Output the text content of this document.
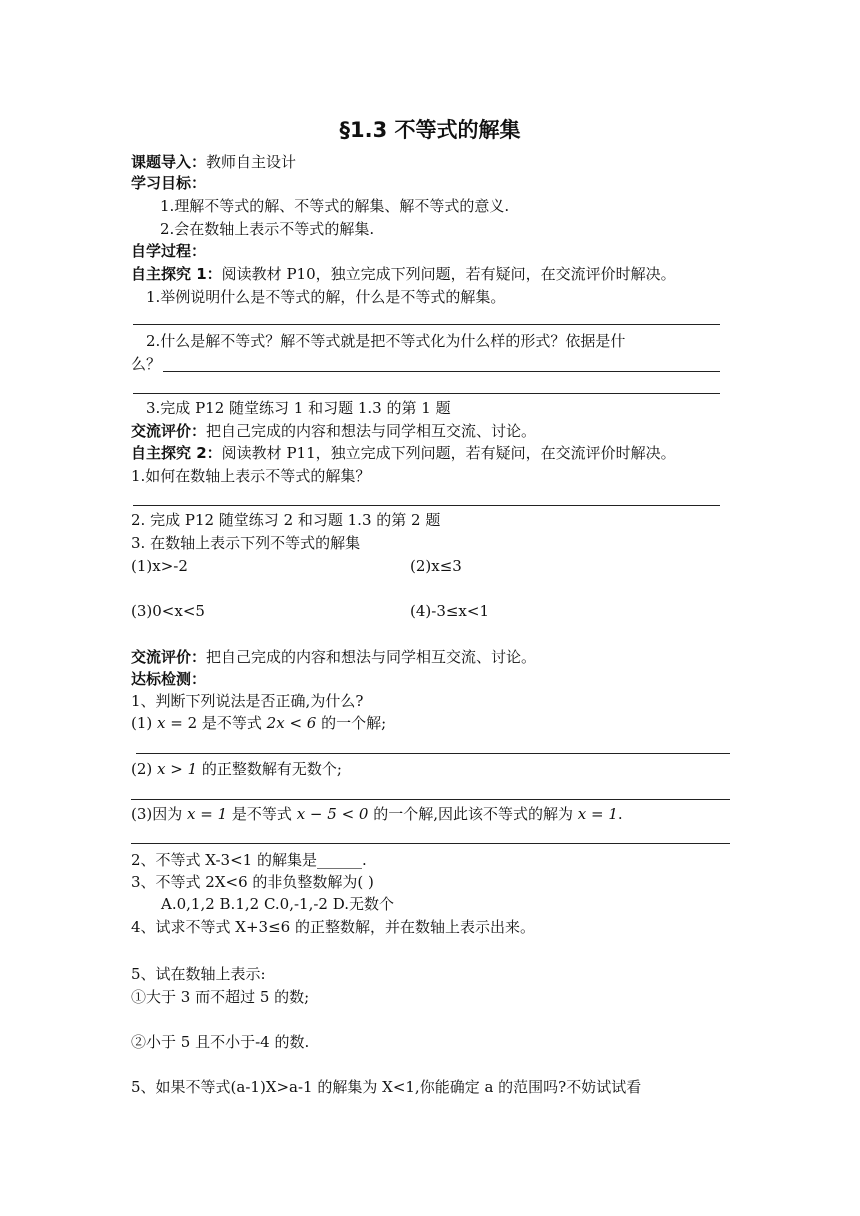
§1.3 不等式的解集
课题导入：教师自主设计
学习目标：
1.理解不等式的解、不等式的解集、解不等式的意义.
2.会在数轴上表示不等式的解集.
自学过程：
自主探究 1：阅读教材 P10，独立完成下列问题，若有疑问，在交流评价时解决。
1.举例说明什么是不等式的解，什么是不等式的解集。
2.什么是解不等式？解不等式就是把不等式化为什么样的形式？依据是什
么？
3.完成 P12 随堂练习 1 和习题 1.3 的第 1 题
交流评价：把自己完成的内容和想法与同学相互交流、讨论。
自主探究 2：阅读教材 P11，独立完成下列问题，若有疑问，在交流评价时解决。
1.如何在数轴上表示不等式的解集？
2. 完成 P12 随堂练习 2 和习题 1.3 的第 2 题
3. 在数轴上表示下列不等式的解集
(1)x>-2	(2)x≤3
(3)0<x<5	(4)-3≤x<1
交流评价：把自己完成的内容和想法与同学相互交流、讨论。
达标检测：
1、判断下列说法是否正确,为什么?
(1) x = 2 是不等式 2x < 6 的一个解;
(2) x > 1 的正整数解有无数个;
(3)因为 x = 1 是不等式 x − 5 < 0 的一个解,因此该不等式的解为 x = 1.
2、不等式 X-3<1 的解集是______.
3、不等式 2X<6 的非负整数解为( )
A.0,1,2 B.1,2 C.0,-1,-2 D.无数个
4、试求不等式 X+3≤6 的正整数解，并在数轴上表示出来。
5、试在数轴上表示:
①大于 3 而不超过 5 的数;
②小于 5 且不小于-4 的数.
5、如果不等式(a-1)X>a-1 的解集为 X<1,你能确定 a 的范围吗?不妨试试看
